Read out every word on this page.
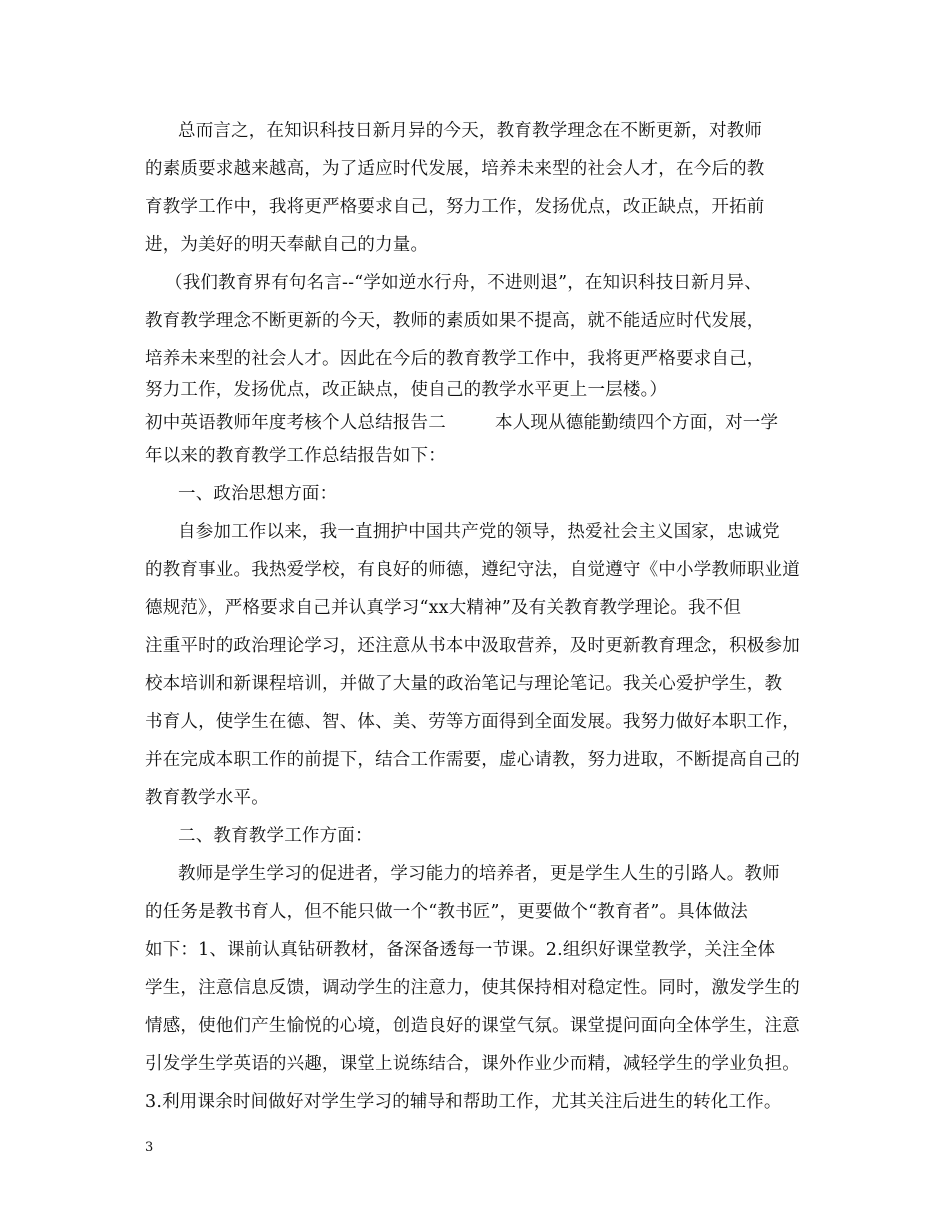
总而言之，在知识科技日新月异的今天，教育教学理念在不断更新，对教师
的素质要求越来越高，为了适应时代发展，培养未来型的社会人才，在今后的教
育教学工作中，我将更严格要求自己，努力工作，发扬优点，改正缺点，开拓前
进，为美好的明天奉献自己的力量。
（我们教育界有句名言--“学如逆水行舟，不进则退”，在知识科技日新月异、
教育教学理念不断更新的今天，教师的素质如果不提高，就不能适应时代发展，
培养未来型的社会人才。因此在今后的教育教学工作中，我将更严格要求自己，
努力工作，发扬优点，改正缺点，使自己的教学水平更上一层楼。）
初中英语教师年度考核个人总结报告二	本人现从德能勤绩四个方面，对一学
年以来的教育教学工作总结报告如下：
一、政治思想方面：
自参加工作以来，我一直拥护中国共产党的领导，热爱社会主义国家，忠诚党
的教育事业。我热爱学校，有良好的师德，遵纪守法，自觉遵守《中小学教师职业道
德规范》，严格要求自己并认真学习“xx大精神”及有关教育教学理论。我不但
注重平时的政治理论学习，还注意从书本中汲取营养，及时更新教育理念，积极参加
校本培训和新课程培训，并做了大量的政治笔记与理论笔记。我关心爱护学生，教
书育人，使学生在德、智、体、美、劳等方面得到全面发展。我努力做好本职工作，
并在完成本职工作的前提下，结合工作需要，虚心请教，努力进取，不断提高自己的
教育教学水平。
二、教育教学工作方面：
教师是学生学习的促进者，学习能力的培养者，更是学生人生的引路人。教师
的任务是教书育人，但不能只做一个“教书匠”，更要做个“教育者”。具体做法
如下：1、课前认真钻研教材，备深备透每一节课。2.组织好课堂教学，关注全体
学生，注意信息反馈，调动学生的注意力，使其保持相对稳定性。同时，激发学生的
情感，使他们产生愉悦的心境，创造良好的课堂气氛。课堂提问面向全体学生，注意
引发学生学英语的兴趣，课堂上说练结合，课外作业少而精，减轻学生的学业负担。
3.利用课余时间做好对学生学习的辅导和帮助工作，尤其关注后进生的转化工作。
3
